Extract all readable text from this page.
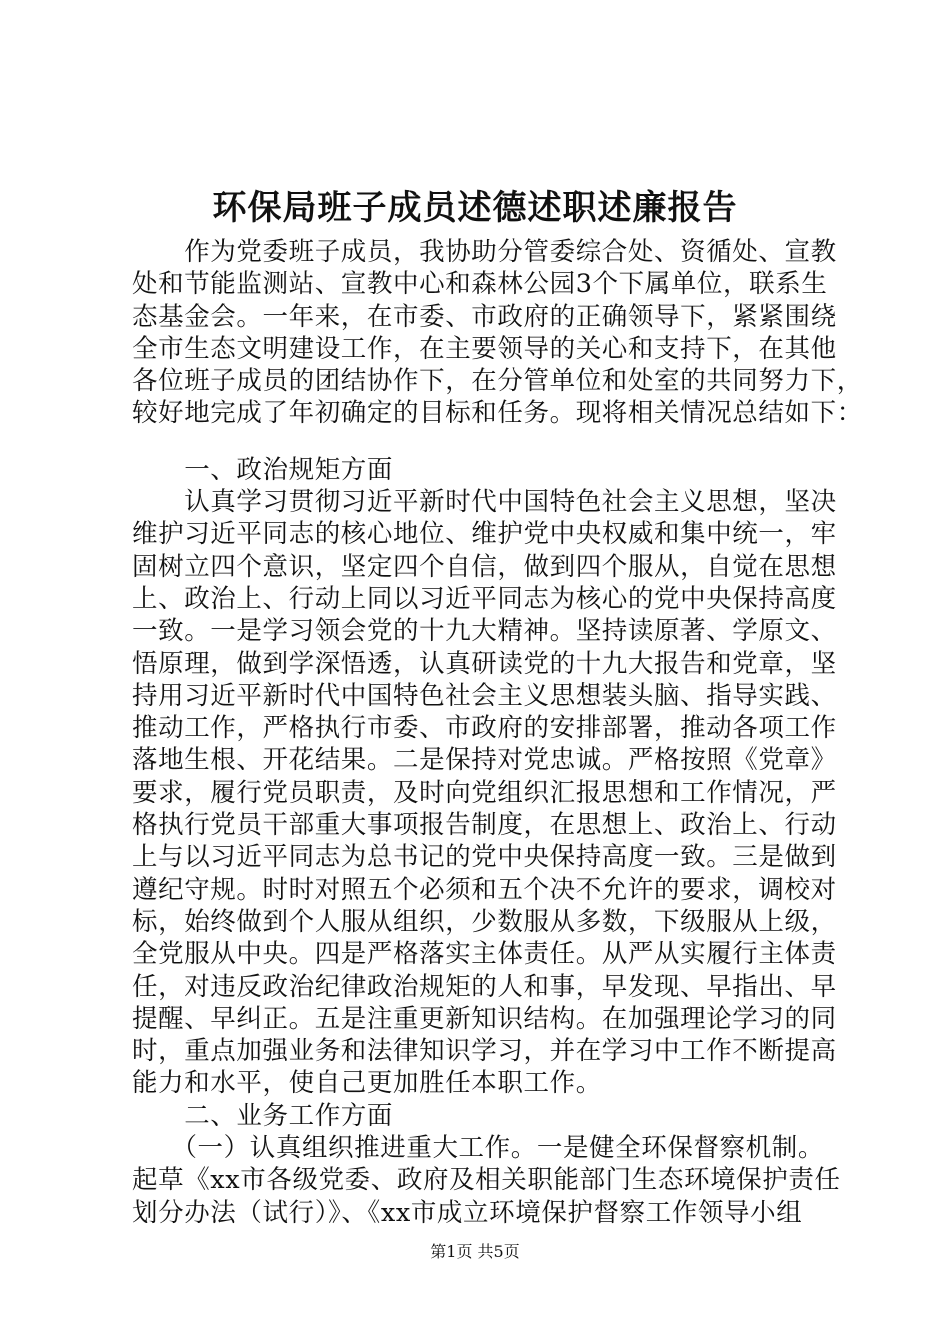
环保局班子成员述德述职述廉报告
　　作为党委班子成员，我协助分管委综合处、资循处、宣教
处和节能监测站、宣教中心和森林公园3个下属单位，联系生
态基金会。一年来，在市委、市政府的正确领导下，紧紧围绕
全市生态文明建设工作，在主要领导的关心和支持下，在其他
各位班子成员的团结协作下，在分管单位和处室的共同努力下，
较好地完成了年初确定的目标和任务。现将相关情况总结如下：
　　一、政治规矩方面
　　认真学习贯彻习近平新时代中国特色社会主义思想，坚决
维护习近平同志的核心地位、维护党中央权威和集中统一，牢
固树立四个意识，坚定四个自信，做到四个服从，自觉在思想
上、政治上、行动上同以习近平同志为核心的党中央保持高度
一致。一是学习领会党的十九大精神。坚持读原著、学原文、
悟原理，做到学深悟透，认真研读党的十九大报告和党章，坚
持用习近平新时代中国特色社会主义思想装头脑、指导实践、
推动工作，严格执行市委、市政府的安排部署，推动各项工作
落地生根、开花结果。二是保持对党忠诚。严格按照《党章》
要求，履行党员职责，及时向党组织汇报思想和工作情况，严
格执行党员干部重大事项报告制度，在思想上、政治上、行动
上与以习近平同志为总书记的党中央保持高度一致。三是做到
遵纪守规。时时对照五个必须和五个决不允许的要求，调校对
标，始终做到个人服从组织，少数服从多数，下级服从上级，
全党服从中央。四是严格落实主体责任。从严从实履行主体责
任，对违反政治纪律政治规矩的人和事，早发现、早指出、早
提醒、早纠正。五是注重更新知识结构。在加强理论学习的同
时，重点加强业务和法律知识学习，并在学习中工作不断提高
能力和水平，使自己更加胜任本职工作。
　　二、业务工作方面
　　（一）认真组织推进重大工作。一是健全环保督察机制。
起草《xx市各级党委、政府及相关职能部门生态环境保护责任
划分办法（试行）》、《xx市成立环境保护督察工作领导小组
第1页 共5页
